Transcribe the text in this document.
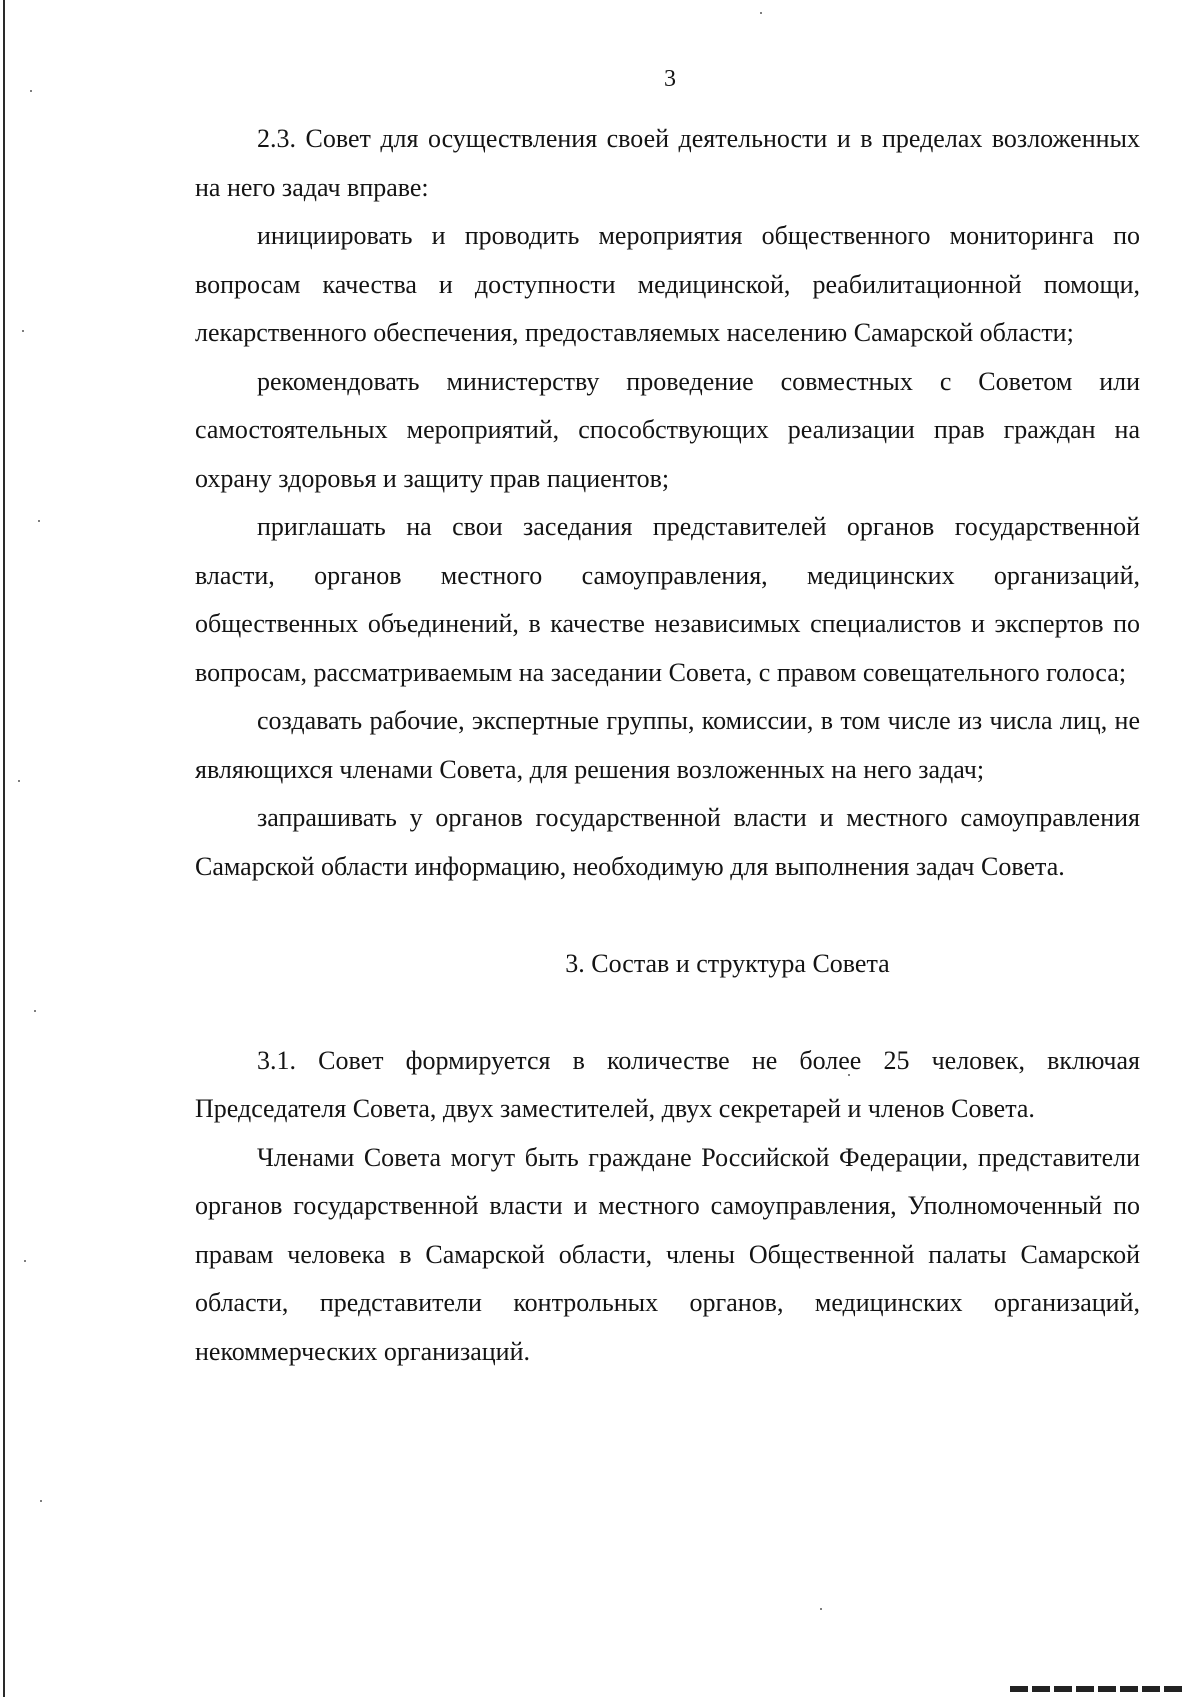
3

2.3. Совет для осуществления своей деятельности и в пределах возложенных на него задач вправе:

инициировать и проводить мероприятия общественного мониторинга по вопросам качества и доступности медицинской, реабилитационной помощи, лекарственного обеспечения, предоставляемых населению Самарской области;

рекомендовать министерству проведение совместных с Советом или самостоятельных мероприятий, способствующих реализации прав граждан на охрану здоровья и защиту прав пациентов;

приглашать на свои заседания представителей органов государственной власти, органов местного самоуправления, медицинских организаций, общественных объединений, в качестве независимых специалистов и экспертов по вопросам, рассматриваемым на заседании Совета, с правом совещательного голоса;

создавать рабочие, экспертные группы, комиссии, в том числе из числа лиц, не являющихся членами Совета, для решения возложенных на него задач;

запрашивать у органов государственной власти и местного самоуправления Самарской области информацию, необходимую для выполнения задач Совета.

3. Состав и структура Совета

3.1. Совет формируется в количестве не более 25 человек, включая Председателя Совета, двух заместителей, двух секретарей и членов Совета.

Членами Совета могут быть граждане Российской Федерации, представители органов государственной власти и местного самоуправления, Уполномоченный по правам человека в Самарской области, члены Общественной палаты Самарской области, представители контрольных органов, медицинских организаций, некоммерческих организаций.
